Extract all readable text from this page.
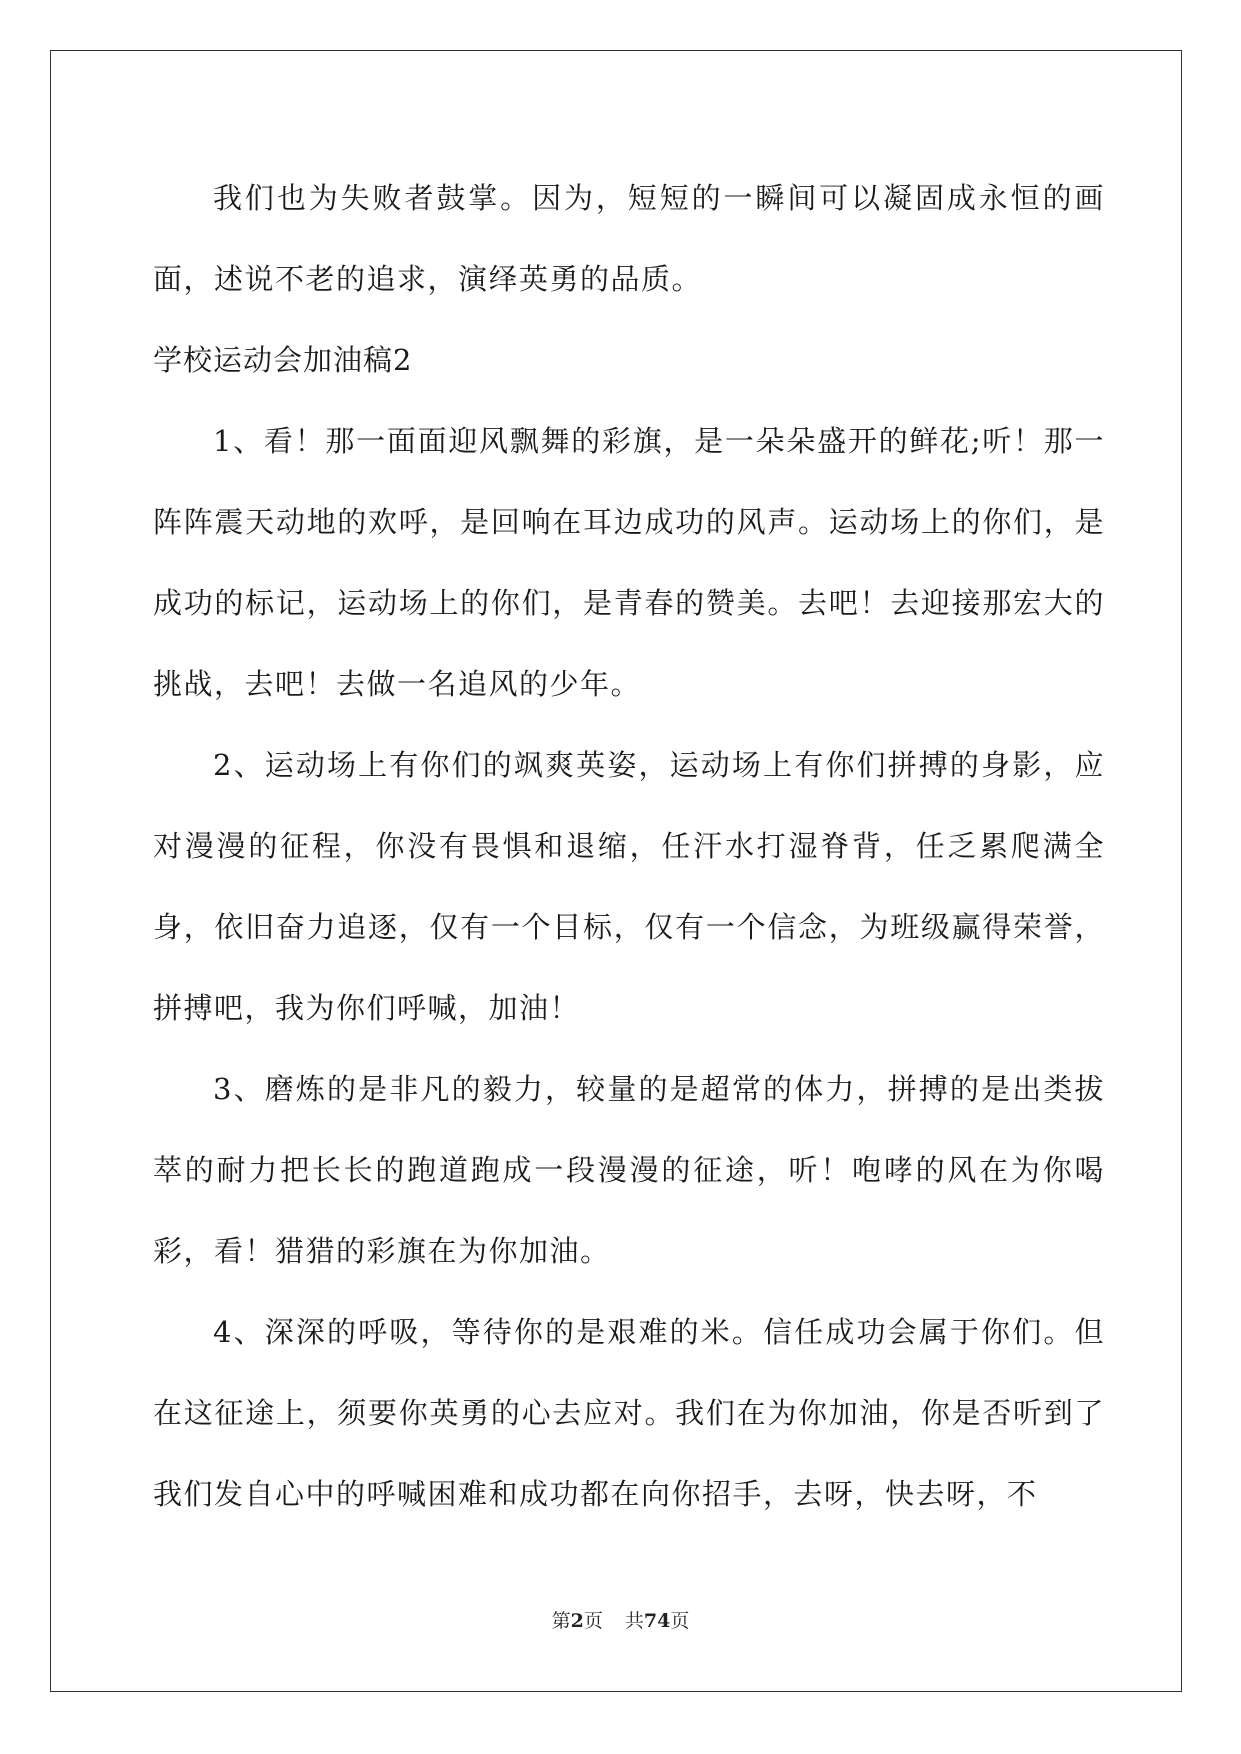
我们也为失败者鼓掌。因为，短短的一瞬间可以凝固成永恒的画面，述说不老的追求，演绎英勇的品质。

学校运动会加油稿2

1、看！那一面面迎风飘舞的彩旗，是一朵朵盛开的鲜花;听！那一阵阵震天动地的欢呼，是回响在耳边成功的风声。运动场上的你们，是成功的标记，运动场上的你们，是青春的赞美。去吧！去迎接那宏大的挑战，去吧！去做一名追风的少年。

2、运动场上有你们的飒爽英姿，运动场上有你们拼搏的身影，应对漫漫的征程，你没有畏惧和退缩，任汗水打湿脊背，任乏累爬满全身，依旧奋力追逐，仅有一个目标，仅有一个信念，为班级赢得荣誉，拼搏吧，我为你们呼喊，加油！

3、磨炼的是非凡的毅力，较量的是超常的体力，拼搏的是出类拔萃的耐力把长长的跑道跑成一段漫漫的征途，听！咆哮的风在为你喝彩，看！猎猎的彩旗在为你加油。

4、深深的呼吸，等待你的是艰难的米。信任成功会属于你们。但在这征途上，须要你英勇的心去应对。我们在为你加油，你是否听到了我们发自心中的呼喊困难和成功都在向你招手，去呀，快去呀，不

第2页 共74页
